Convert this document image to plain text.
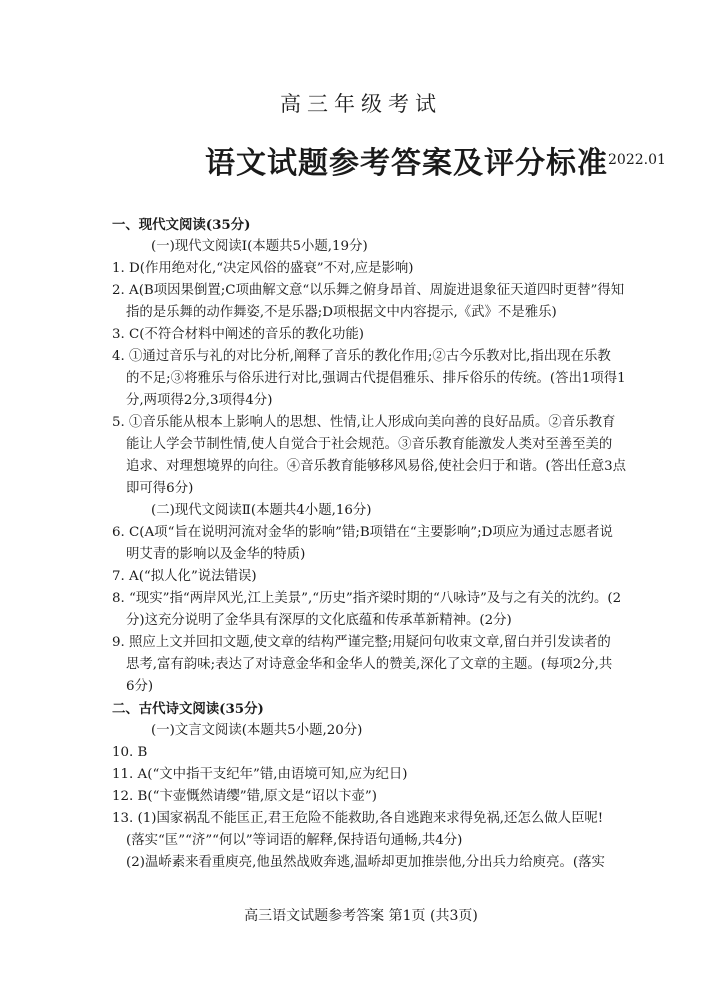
高三年级考试
语文试题参考答案及评分标准 2022.01
一、现代文阅读(35分)
(一)现代文阅读Ⅰ(本题共5小题,19分)
1. D(作用绝对化,“决定风俗的盛衰”不对,应是影响)
2. A(B项因果倒置;C项曲解文意“以乐舞之俯身昂首、周旋进退象征天道四时更替”得知
指的是乐舞的动作舞姿,不是乐器;D项根据文中内容提示,《武》不是雅乐)
3. C(不符合材料中阐述的音乐的教化功能)
4. ①通过音乐与礼的对比分析,阐释了音乐的教化作用;②古今乐教对比,指出现在乐教
的不足;③将雅乐与俗乐进行对比,强调古代提倡雅乐、排斥俗乐的传统。(答出1项得1
分,两项得2分,3项得4分)
5. ①音乐能从根本上影响人的思想、性情,让人形成向美向善的良好品质。②音乐教育
能让人学会节制性情,使人自觉合于社会规范。③音乐教育能激发人类对至善至美的
追求、对理想境界的向往。④音乐教育能够移风易俗,使社会归于和谐。(答出任意3点
即可得6分)
(二)现代文阅读Ⅱ(本题共4小题,16分)
6. C(A项“旨在说明河流对金华的影响”错;B项错在“主要影响”;D项应为通过志愿者说
明艾青的影响以及金华的特质)
7. A(“拟人化”说法错误)
8. “现实”指“两岸风光,江上美景”,“历史”指齐梁时期的“八咏诗”及与之有关的沈约。(2
分)这充分说明了金华具有深厚的文化底蕴和传承革新精神。(2分)
9. 照应上文并回扣文题,使文章的结构严谨完整;用疑问句收束文章,留白并引发读者的
思考,富有韵味;表达了对诗意金华和金华人的赞美,深化了文章的主题。(每项2分,共
6分)
二、古代诗文阅读(35分)
(一)文言文阅读(本题共5小题,20分)
10. B
11. A(“文中指干支纪年”错,由语境可知,应为纪日)
12. B(“卞壶慨然请缨”错,原文是“诏以卞壶”)
13. (1)国家祸乱不能匡正,君王危险不能救助,各自逃跑来求得免祸,还怎么做人臣呢!
(落实“匡”“济”“何以”等词语的解释,保持语句通畅,共4分)
(2)温峤素来看重庾亮,他虽然战败奔逃,温峤却更加推崇他,分出兵力给庾亮。(落实
高三语文试题参考答案 第1页 (共3页)
